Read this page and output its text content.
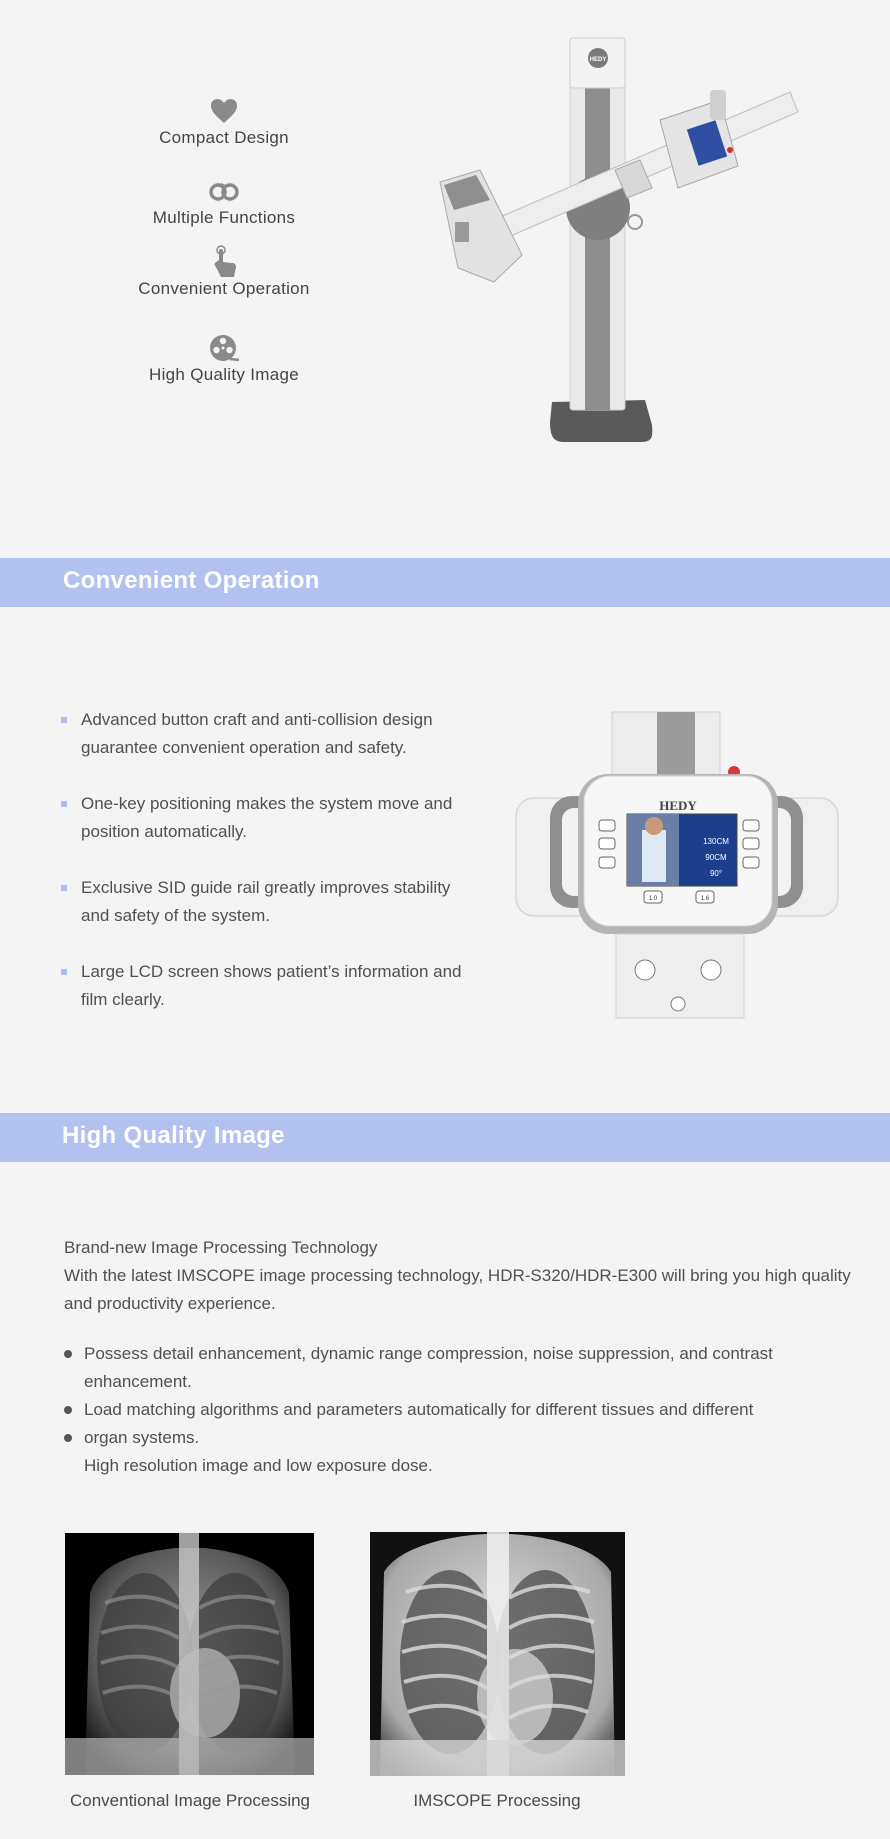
Compact Design
Multiple Functions
Convenient Operation
High Quality Image
HEDY
Convenient Operation
Advanced button craft and anti-collision design guarantee convenient operation and safety.
One-key positioning makes the system move and position automatically.
Exclusive SID guide rail greatly improves stability and safety of the system.
Large LCD screen shows patient’s information and film clearly.
HEDY
130CM
90CM
90°
1.0	1.6
High Quality Image
Brand-new Image Processing Technology
With the latest IMSCOPE image processing technology, HDR-S320/HDR-E300 will bring you high quality and productivity experience.
Possess detail enhancement, dynamic range compression, noise suppression, and contrast enhancement.
Load matching algorithms and parameters automatically for different tissues and different
organ systems.
High resolution image and low exposure dose.
Conventional Image Processing	IMSCOPE Processing
